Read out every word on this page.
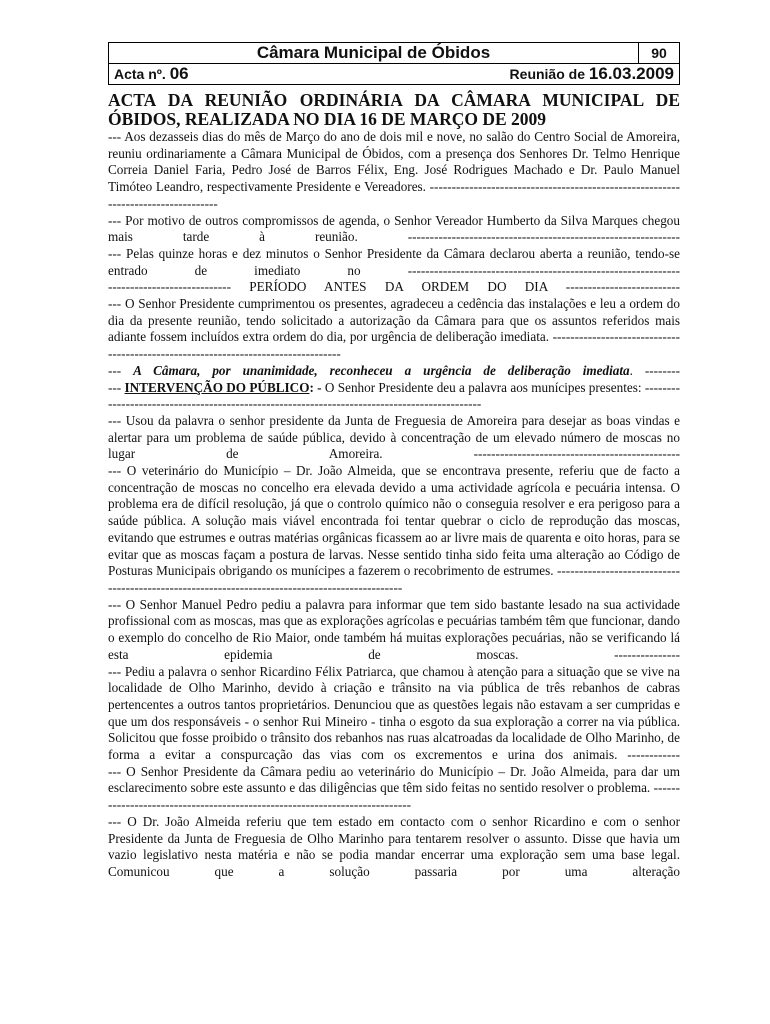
Câmara Municipal de Óbidos	90
Acta nº. 06	Reunião de 16.03.2009
ACTA DA REUNIÃO ORDINÁRIA DA CÂMARA MUNICIPAL DE ÓBIDOS, REALIZADA NO DIA 16 DE MARÇO DE 2009

--- Aos dezasseis dias do mês de Março do ano de dois mil e nove, no salão do Centro Social de Amoreira, reuniu ordinariamente a Câmara Municipal de Óbidos, com a presença dos Senhores Dr. Telmo Henrique Correia Daniel Faria, Pedro José de Barros Félix, Eng. José Rodrigues Machado e Dr. Paulo Manuel Timóteo Leandro, respectivamente Presidente e Vereadores. ----------------------------------------------------------------------------------

--- Por motivo de outros compromissos de agenda, o Senhor Vereador Humberto da Silva Marques chegou mais tarde à reunião. --------------------------------------------------------------

--- Pelas quinze horas e dez minutos o Senhor Presidente da Câmara declarou aberta a reunião, tendo-se entrado de imediato no --------------------------------------------------------------

---------------------------- PERÍODO ANTES DA ORDEM DO DIA --------------------------

--- O Senhor Presidente cumprimentou os presentes, agradeceu a cedência das instalações e leu a ordem do dia da presente reunião, tendo solicitado a autorização da Câmara para que os assuntos referidos mais adiante fossem incluídos extra ordem do dia, por urgência de deliberação imediata. ----------------------------------------------------------------------------------

--- A Câmara, por unanimidade, reconheceu a urgência de deliberação imediata. --------

--- INTERVENÇÃO DO PÚBLICO: - O Senhor Presidente deu a palavra aos munícipes presentes: ---------------------------------------------------------------------------------------------

--- Usou da palavra o senhor presidente da Junta de Freguesia de Amoreira para desejar as boas vindas e alertar para um problema de saúde pública, devido à concentração de um elevado número de moscas no lugar de Amoreira. -----------------------------------------------

--- O veterinário do Município – Dr. João Almeida, que se encontrava presente, referiu que de facto a concentração de moscas no concelho era elevada devido a uma actividade agrícola e pecuária intensa. O problema era de difícil resolução, já que o controlo químico não o conseguia resolver e era perigoso para a saúde pública. A solução mais viável encontrada foi tentar quebrar o ciclo de reprodução das moscas, evitando que estrumes e outras matérias orgânicas ficassem ao ar livre mais de quarenta e oito horas, para se evitar que as moscas façam a postura de larvas. Nesse sentido tinha sido feita uma alteração ao Código de Posturas Municipais obrigando os munícipes a fazerem o recobrimento de estrumes. -----------------------------------------------------------------------------------------------

--- O Senhor Manuel Pedro pediu a palavra para informar que tem sido bastante lesado na sua actividade profissional com as moscas, mas que as explorações agrícolas e pecuárias também têm que funcionar, dando o exemplo do concelho de Rio Maior, onde também há muitas explorações pecuárias, não se verificando lá esta epidemia de moscas. ---------------

--- Pediu a palavra o senhor Ricardino Félix Patriarca, que chamou à atenção para a situação que se vive na localidade de Olho Marinho, devido à criação e trânsito na via pública de três rebanhos de cabras pertencentes a outros tantos proprietários. Denunciou que as questões legais não estavam a ser cumpridas e que um dos responsáveis - o senhor Rui Mineiro - tinha o esgoto da sua exploração a correr na via pública. Solicitou que fosse proibido o trânsito dos rebanhos nas ruas alcatroadas da localidade de Olho Marinho, de forma a evitar a conspurcação das vias com os excrementos e urina dos animais. ------------

--- O Senhor Presidente da Câmara pediu ao veterinário do Município – Dr. João Almeida, para dar um esclarecimento sobre este assunto e das diligências que têm sido feitas no sentido resolver o problema. ---------------------------------------------------------------------------

--- O Dr. João Almeida referiu que tem estado em contacto com o senhor Ricardino e com o senhor Presidente da Junta de Freguesia de Olho Marinho para tentarem resolver o assunto. Disse que havia um vazio legislativo nesta matéria e não se podia mandar encerrar uma exploração sem uma base legal. Comunicou que a solução passaria por uma alteração
